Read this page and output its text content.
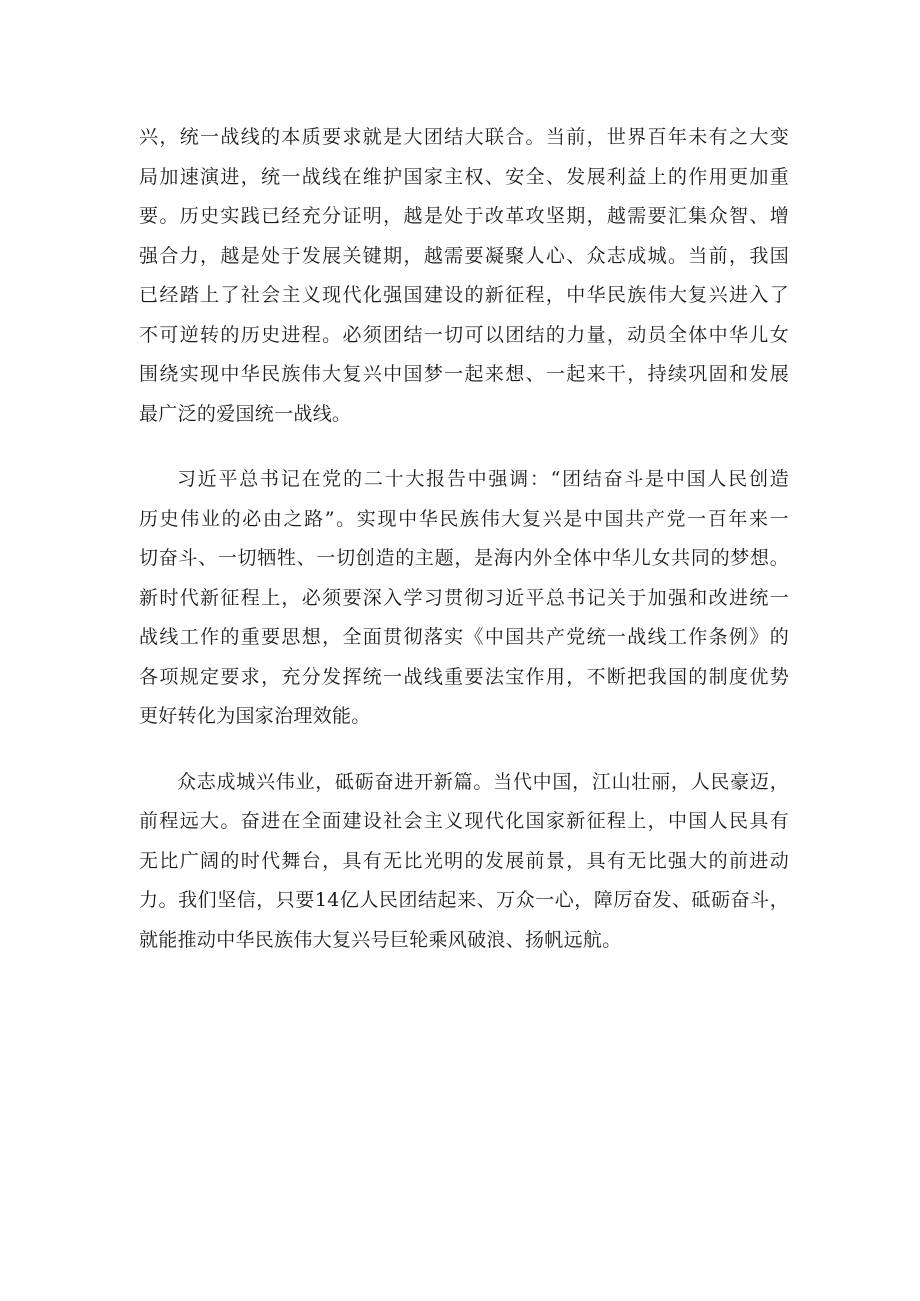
兴，统一战线的本质要求就是大团结大联合。当前，世界百年未有之大变
局加速演进，统一战线在维护国家主权、安全、发展利益上的作用更加重
要。历史实践已经充分证明，越是处于改革攻坚期，越需要汇集众智、增
强合力，越是处于发展关键期，越需要凝聚人心、众志成城。当前，我国
已经踏上了社会主义现代化强国建设的新征程，中华民族伟大复兴进入了
不可逆转的历史进程。必须团结一切可以团结的力量，动员全体中华儿女
围绕实现中华民族伟大复兴中国梦一起来想、一起来干，持续巩固和发展
最广泛的爱国统一战线。
习近平总书记在党的二十大报告中强调：“团结奋斗是中国人民创造
历史伟业的必由之路”。实现中华民族伟大复兴是中国共产党一百年来一
切奋斗、一切牺牲、一切创造的主题，是海内外全体中华儿女共同的梦想。
新时代新征程上，必须要深入学习贯彻习近平总书记关于加强和改进统一
战线工作的重要思想，全面贯彻落实《中国共产党统一战线工作条例》的
各项规定要求，充分发挥统一战线重要法宝作用，不断把我国的制度优势
更好转化为国家治理效能。
众志成城兴伟业，砥砺奋进开新篇。当代中国，江山壮丽，人民豪迈，
前程远大。奋进在全面建设社会主义现代化国家新征程上，中国人民具有
无比广阔的时代舞台，具有无比光明的发展前景，具有无比强大的前进动
力。我们坚信，只要14亿人民团结起来、万众一心，障厉奋发、砥砺奋斗，
就能推动中华民族伟大复兴号巨轮乘风破浪、扬帆远航。
